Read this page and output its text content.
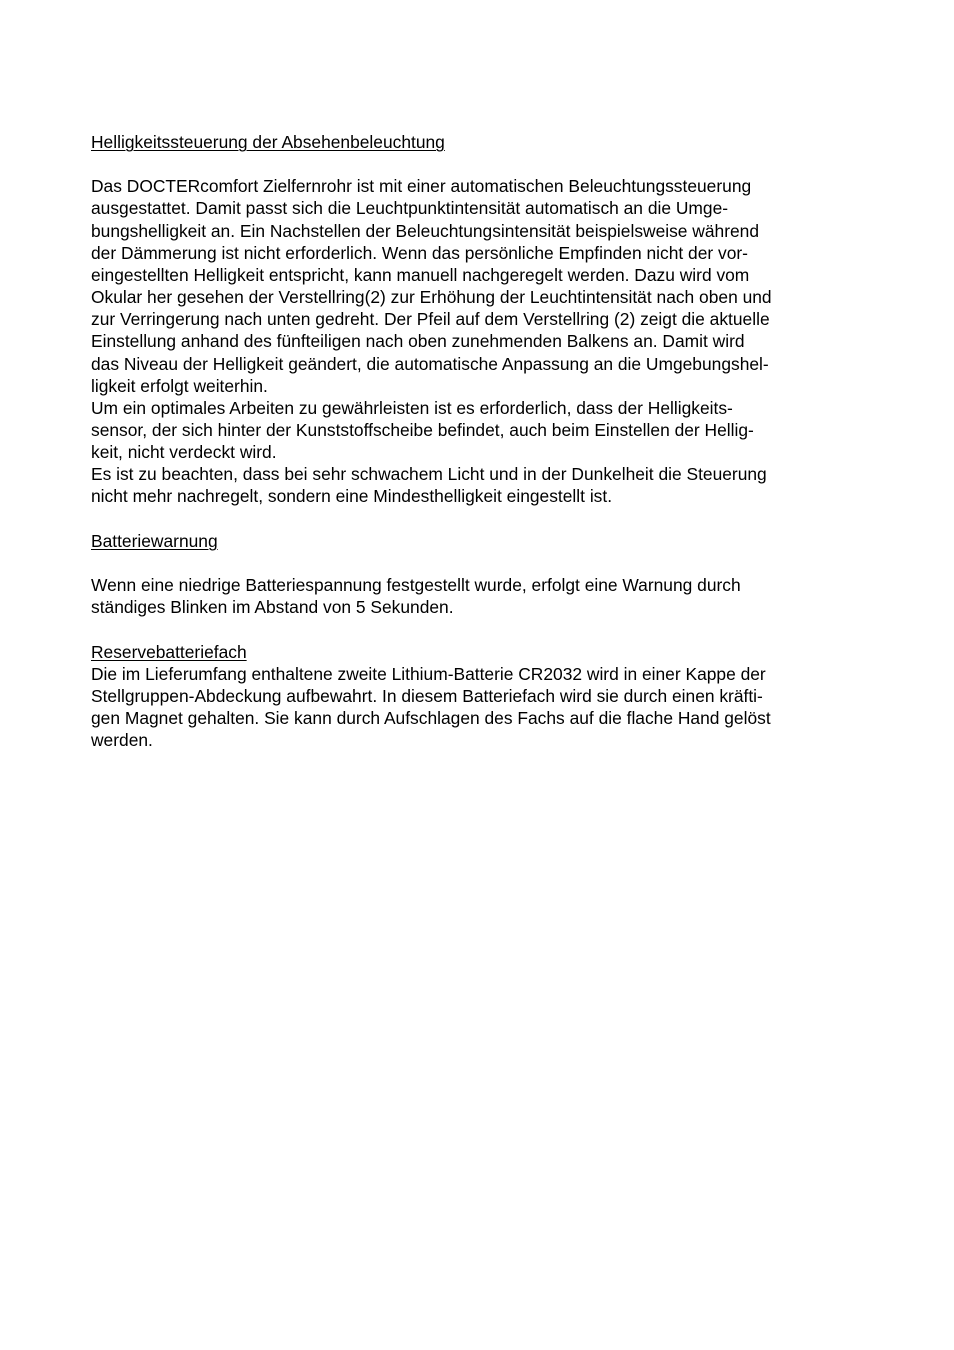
Helligkeitssteuerung der Absehenbeleuchtung
Das DOCTERcomfort Zielfernrohr ist mit einer automatischen Beleuchtungssteuerung
ausgestattet. Damit passt sich die Leuchtpunktintensität automatisch an die Umge-
bungshelligkeit an. Ein Nachstellen der Beleuchtungsintensität beispielsweise während
der Dämmerung ist nicht erforderlich. Wenn das persönliche Empfinden nicht der vor-
eingestellten Helligkeit entspricht, kann manuell nachgeregelt werden. Dazu wird vom
Okular her gesehen der Verstellring(2) zur Erhöhung der Leuchtintensität nach oben und
zur Verringerung nach unten gedreht. Der Pfeil auf dem Verstellring (2) zeigt die aktuelle
Einstellung anhand des fünfteiligen nach oben zunehmenden Balkens an. Damit wird
das Niveau der Helligkeit geändert, die automatische Anpassung an die Umgebungshel-
ligkeit erfolgt weiterhin.
Um ein optimales Arbeiten zu gewährleisten ist es erforderlich, dass der Helligkeits-
sensor, der sich hinter der Kunststoffscheibe befindet, auch beim Einstellen der Hellig-
keit, nicht verdeckt wird.
Es ist zu beachten, dass bei sehr schwachem Licht und in der Dunkelheit die Steuerung
nicht mehr nachregelt, sondern eine Mindesthelligkeit eingestellt ist.
Batteriewarnung
Wenn eine niedrige Batteriespannung festgestellt wurde, erfolgt eine Warnung durch
ständiges Blinken im Abstand von 5 Sekunden.
Reservebatteriefach
Die im Lieferumfang enthaltene zweite Lithium-Batterie CR2032 wird in einer Kappe der
Stellgruppen-Abdeckung aufbewahrt. In diesem Batteriefach wird sie durch einen kräfti-
gen Magnet gehalten. Sie kann durch Aufschlagen des Fachs auf die flache Hand gelöst
werden.
